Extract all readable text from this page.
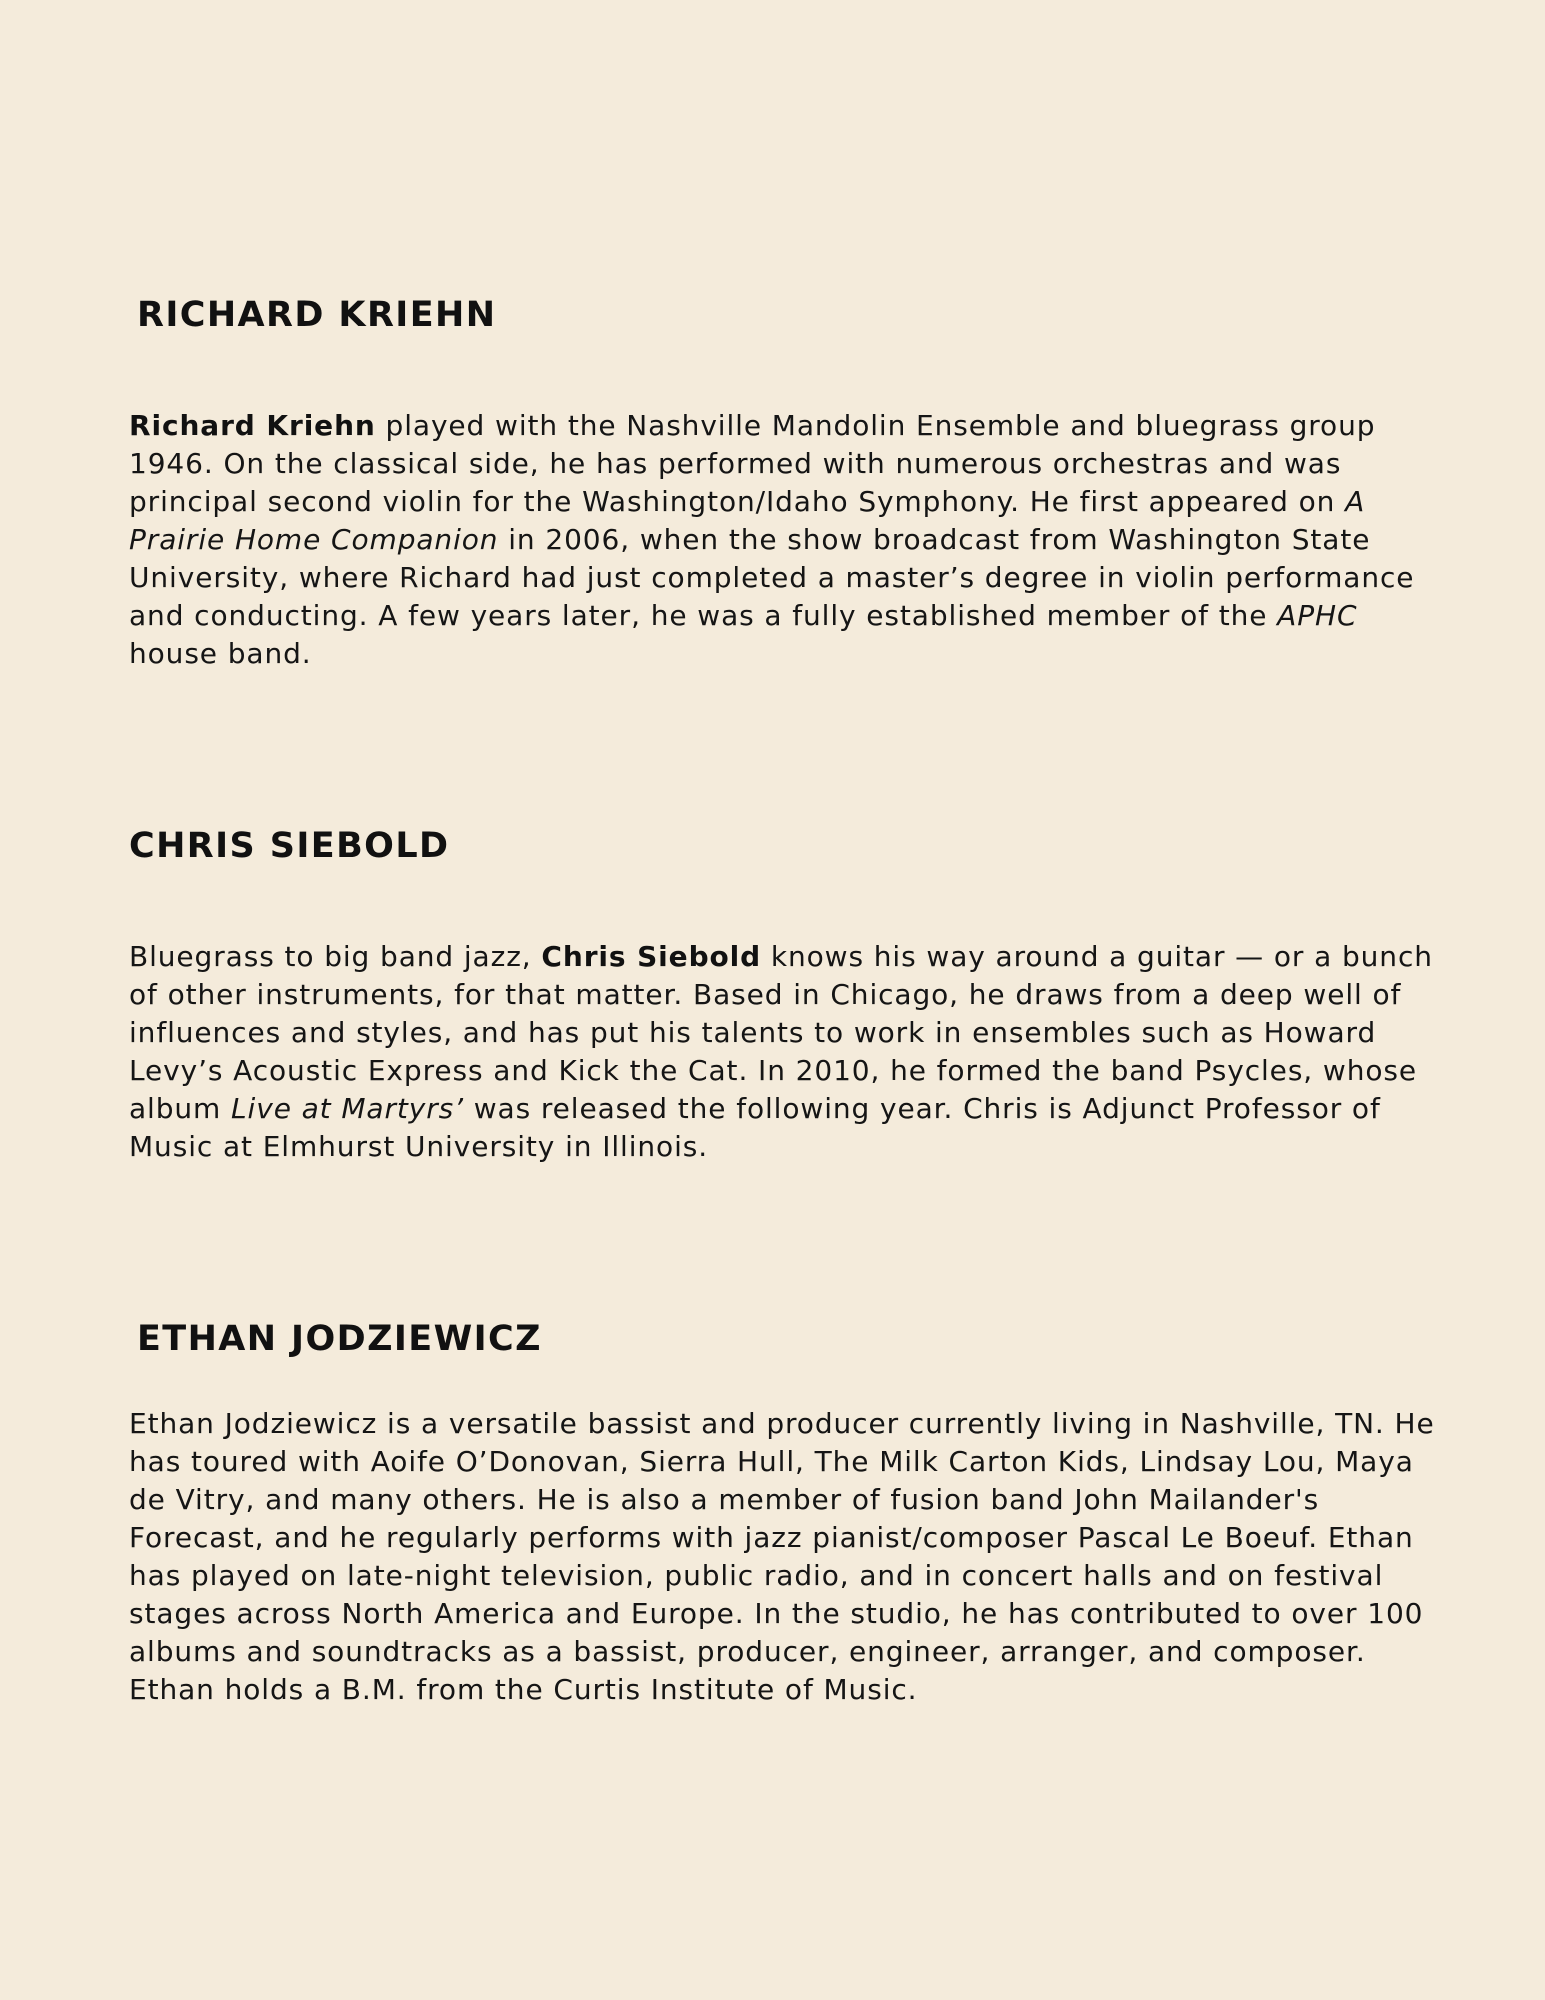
RICHARD KRIEHN

Richard Kriehn played with the Nashville Mandolin Ensemble and bluegrass group 1946. On the classical side, he has performed with numerous orchestras and was principal second violin for the Washington/Idaho Symphony. He first appeared on A Prairie Home Companion in 2006, when the show broadcast from Washington State University, where Richard had just completed a master’s degree in violin performance and conducting. A few years later, he was a fully established member of the APHC house band.

CHRIS SIEBOLD

Bluegrass to big band jazz, Chris Siebold knows his way around a guitar — or a bunch of other instruments, for that matter. Based in Chicago, he draws from a deep well of influences and styles, and has put his talents to work in ensembles such as Howard Levy’s Acoustic Express and Kick the Cat. In 2010, he formed the band Psycles, whose album Live at Martyrs’ was released the following year. Chris is Adjunct Professor of Music at Elmhurst University in Illinois.

ETHAN JODZIEWICZ

Ethan Jodziewicz is a versatile bassist and producer currently living in Nashville, TN. He has toured with Aoife O’Donovan, Sierra Hull, The Milk Carton Kids, Lindsay Lou, Maya de Vitry, and many others. He is also a member of fusion band John Mailander's Forecast, and he regularly performs with jazz pianist/composer Pascal Le Boeuf. Ethan has played on late-night television, public radio, and in concert halls and on festival stages across North America and Europe. In the studio, he has contributed to over 100 albums and soundtracks as a bassist, producer, engineer, arranger, and composer. Ethan holds a B.M. from the Curtis Institute of Music.
